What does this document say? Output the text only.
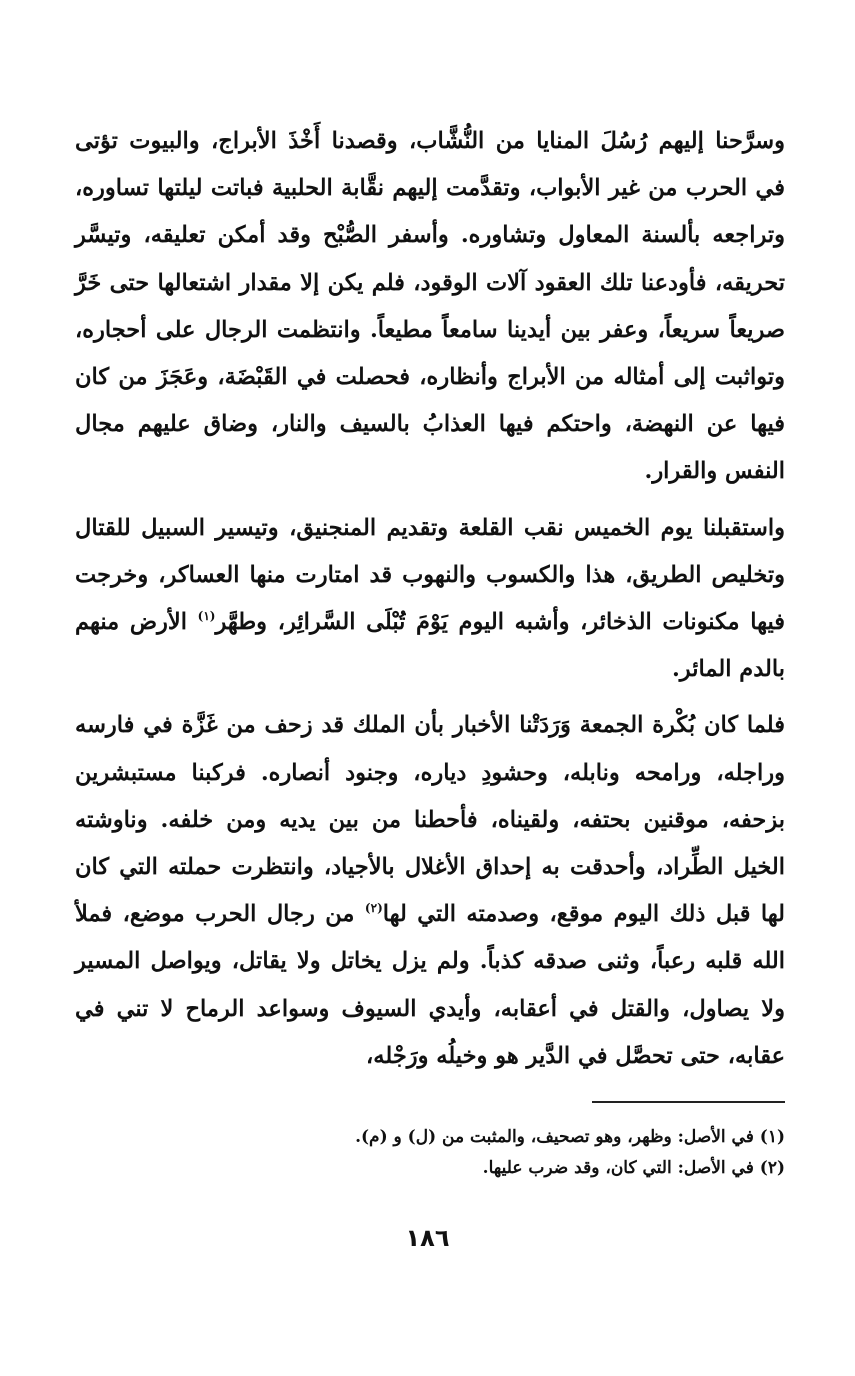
وسرَّحنا إليهم رُسُلَ المنايا من النُّشَّاب، وقصدنا أَخْذَ الأبراج، والبيوت تؤتى في الحرب من غير الأبواب، وتقدَّمت إليهم نقَّابة الحلبية فباتت ليلتها تساوره، وتراجعه بألسنة المعاول وتشاوره. وأسفر الصُّبْح وقد أمكن تعليقه، وتيسَّر تحريقه، فأودعنا تلك العقود آلات الوقود، فلم يكن إلا مقدار اشتعالها حتى خَرَّ صريعاً سريعاً، وعفر بين أيدينا سامعاً مطيعاً. وانتظمت الرجال على أحجاره، وتواثبت إلى أمثاله من الأبراج وأنظاره، فحصلت في القَبْضَة، وعَجَزَ من كان فيها عن النهضة، واحتكم فيها العذابُ بالسيف والنار، وضاق عليهم مجال النفس والقرار.

واستقبلنا يوم الخميس نقب القلعة وتقديم المنجنيق، وتيسير السبيل للقتال وتخليص الطريق، هذا والكسوب والنهوب قد امتارت منها العساكر، وخرجت فيها مكنونات الذخائر، وأشبه اليوم يَوْمَ تُبْلَى السَّرائِر، وطهَّر$^{(١)}$ الأرض منهم بالدم المائر.

فلما كان بُكْرة الجمعة وَرَدَتْنا الأخبار بأن الملك قد زحف من غَزَّة في فارسه وراجله، ورامحه ونابله، وحشودِ دياره، وجنود أنصاره. فركبنا مستبشرين بزحفه، موقنين بحتفه، ولقيناه، فأحطنا من بين يديه ومن خلفه. وناوشته الخيل الطِّراد، وأحدقت به إحداق الأغلال بالأجياد، وانتظرت حملته التي كان لها قبل ذلك اليوم موقع، وصدمته التي لها$^{(٢)}$ من رجال الحرب موضع، فملأ الله قلبه رعباً، وثنى صدقه كذباً. ولم يزل يخاتل ولا يقاتل، ويواصل المسير ولا يصاول، والقتل في أعقابه، وأيدي السيوف وسواعد الرماح لا تني في عقابه، حتى تحصَّل في الدَّير هو وخيلُه ورَجْله،

(١) في الأصل: وظهر، وهو تصحيف، والمثبت من (ل) و (م).

(٢) في الأصل: التي كان، وقد ضرب عليها.

١٨٦
